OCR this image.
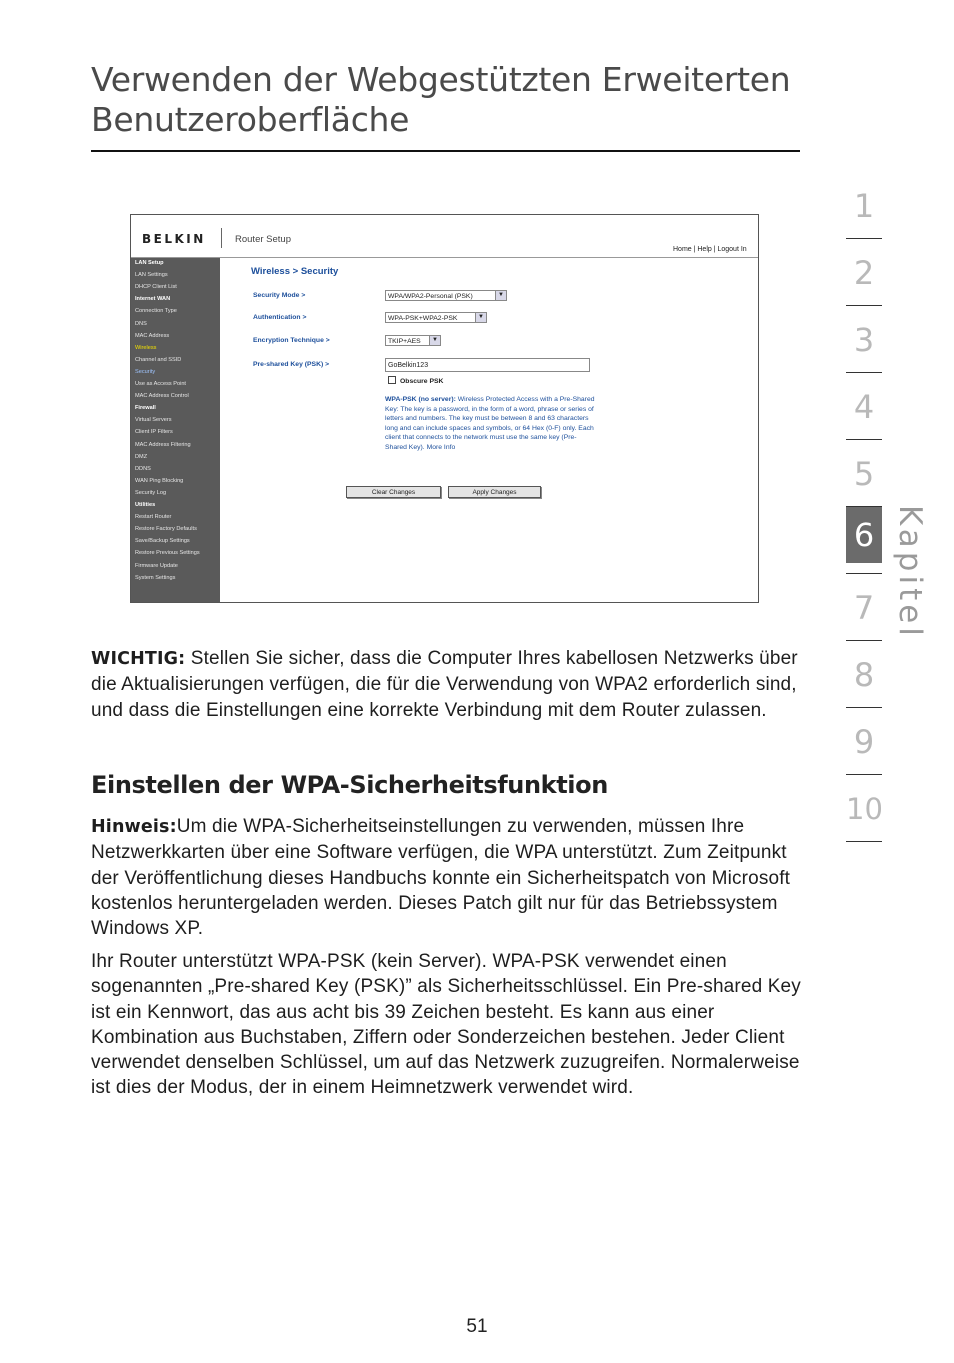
Verwenden der Webgestützten Erweiterten
Benutzeroberfläche
1
2
3
4
5
6
7
8
9
10
Kapitel
BELKIN	Router Setup
Home | Help | Logout In
LAN Setup
LAN Settings
DHCP Client List
Internet WAN
Connection Type
DNS
MAC Address
Wireless
Channel and SSID
Security
Use as Access Point
MAC Address Control
Firewall
Virtual Servers
Client IP Filters
MAC Address Filtering
DMZ
DDNS
WAN Ping Blocking
Security Log
Utilities
Restart Router
Restore Factory Defaults
Save/Backup Settings
Restore Previous Settings
Firmware Update
System Settings
Wireless > Security
Security Mode >	WPA/WPA2-Personal (PSK)	▼
Authentication >	WPA-PSK+WPA2-PSK	▼
Encryption Technique >	TKIP+AES	▼
Pre-shared Key (PSK) >	GoBelkin123
Obscure PSK
WPA-PSK (no server): Wireless Protected Access with a Pre-Shared Key: The key is a password, in the form of a word, phrase or series of letters and numbers. The key must be between 8 and 63 characters long and can include spaces and symbols, or 64 Hex (0-F) only. Each client that connects to the network must use the same key (Pre-Shared Key). More Info
Clear Changes	Apply Changes
WICHTIG: Stellen Sie sicher, dass die Computer Ihres kabellosen Netzwerks über die Aktualisierungen verfügen, die für die Verwendung von WPA2 erforderlich sind, und dass die Einstellungen eine korrekte Verbindung mit dem Router zulassen.
Einstellen der WPA-Sicherheitsfunktion
Hinweis:Um die WPA-Sicherheitseinstellungen zu verwenden, müssen Ihre Netzwerkkarten über eine Software verfügen, die WPA unterstützt. Zum Zeitpunkt der Veröffentlichung dieses Handbuchs konnte ein Sicherheitspatch von Microsoft kostenlos heruntergeladen werden. Dieses Patch gilt nur für das Betriebssystem Windows XP.
Ihr Router unterstützt WPA-PSK (kein Server). WPA-PSK verwendet einen sogenannten „Pre-shared Key (PSK)” als Sicherheitsschlüssel. Ein Pre-shared Key ist ein Kennwort, das aus acht bis 39 Zeichen besteht. Es kann aus einer Kombination aus Buchstaben, Ziffern oder Sonderzeichen bestehen. Jeder Client verwendet denselben Schlüssel, um auf das Netzwerk zuzugreifen. Normalerweise ist dies der Modus, der in einem Heimnetzwerk verwendet wird.
51
